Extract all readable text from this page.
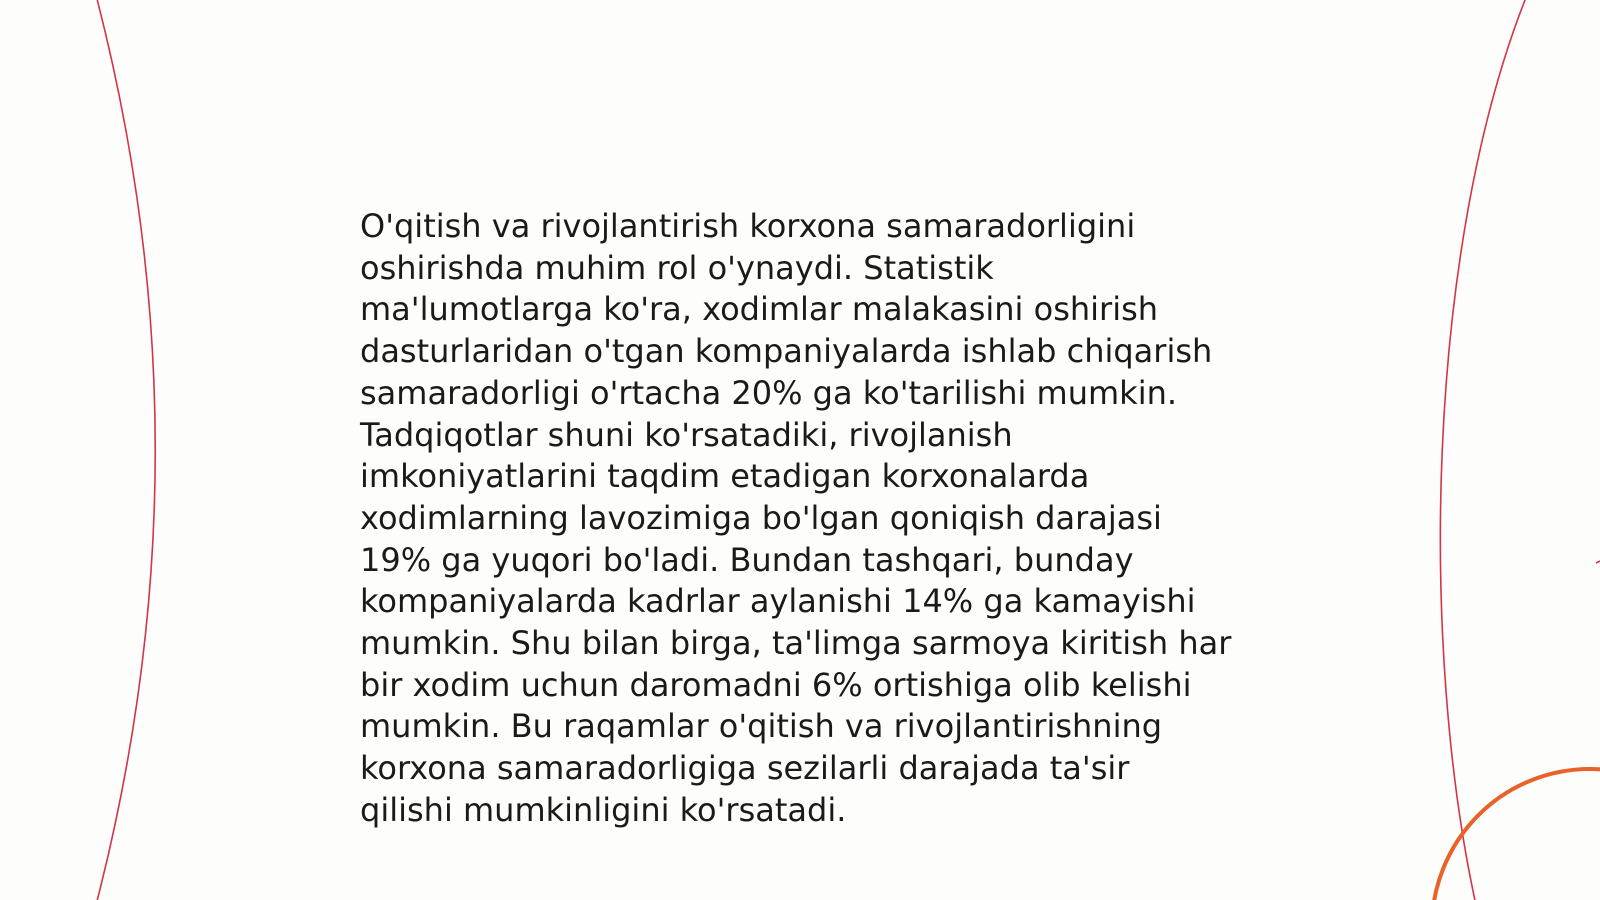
O'qitish va rivojlantirish korxona samaradorligini
oshirishda muhim rol o'ynaydi. Statistik
ma'lumotlarga ko'ra, xodimlar malakasini oshirish
dasturlaridan o'tgan kompaniyalarda ishlab chiqarish
samaradorligi o'rtacha 20% ga ko'tarilishi mumkin.
Tadqiqotlar shuni ko'rsatadiki, rivojlanish
imkoniyatlarini taqdim etadigan korxonalarda
xodimlarning lavozimiga bo'lgan qoniqish darajasi
19% ga yuqori bo'ladi. Bundan tashqari, bunday
kompaniyalarda kadrlar aylanishi 14% ga kamayishi
mumkin. Shu bilan birga, ta'limga sarmoya kiritish har
bir xodim uchun daromadni 6% ortishiga olib kelishi
mumkin. Bu raqamlar o'qitish va rivojlantirishning
korxona samaradorligiga sezilarli darajada ta'sir
qilishi mumkinligini ko'rsatadi.
